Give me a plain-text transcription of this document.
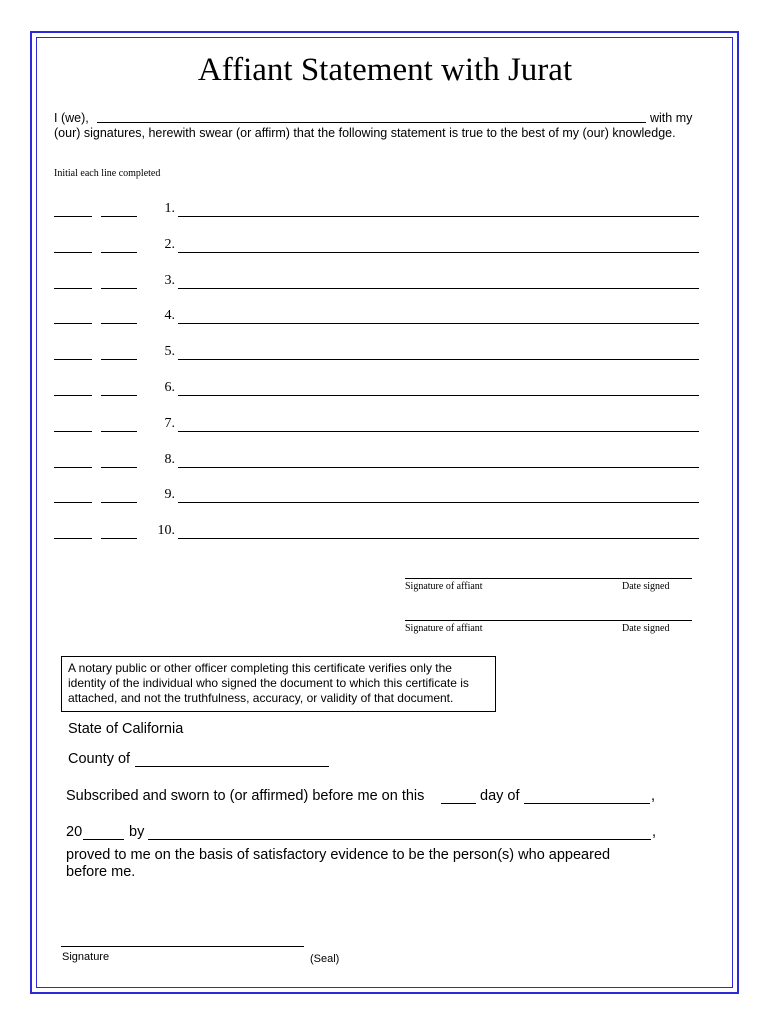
Affiant Statement with Jurat
I (we),	with my
(our) signatures, herewith swear (or affirm) that the following statement is true to the best of my (our) knowledge.
Initial each line completed
1.
2.
3.
4.
5.
6.
7.
8.
9.
10.
Signature of affiant	Date signed
Signature of affiant	Date signed
A notary public or other officer completing this certificate verifies only the identity of the individual who signed the document to which this certificate is attached, and not the truthfulness, accuracy, or validity of that document.
State of California
County of
Subscribed and sworn to (or affirmed) before me on this	day of	,
20	by	,
proved to me on the basis of satisfactory evidence to be the person(s) who appeared
before me.
Signature	(Seal)
